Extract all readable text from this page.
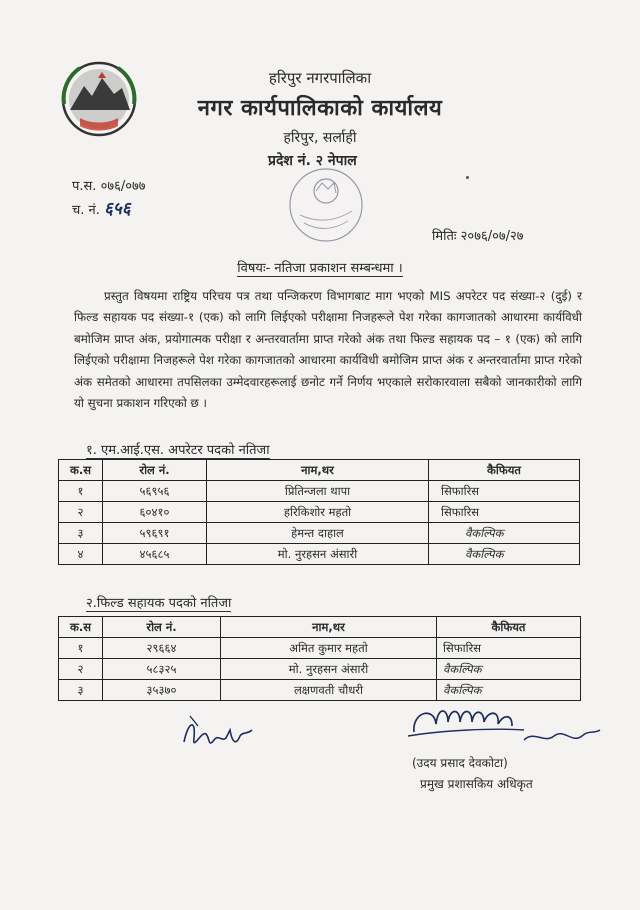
हरिपुर नगरपालिका
नगर कार्यपालिकाको कार्यालय
हरिपुर, सर्लाही
प्रदेश नं. २ नेपाल
प.स. ०७६/०७७
च. नं. ६५६
मितिः २०७६/०७/२७
विषयः- नतिजा प्रकाशन सम्बन्धमा ।
प्रस्तुत विषयमा राष्ट्रिय परिचय पत्र तथा पन्जिकरण विभागबाट माग भएको MIS अपरेटर पद संख्या-२ (दुई) र फिल्ड सहायक पद संख्या-१ (एक) को लागि लिईएको परीक्षामा निजहरूले पेश गरेका कागजातको आधारमा कार्यविधी बमोजिम प्राप्त अंक, प्रयोगात्मक परीक्षा र अन्तरवार्तामा प्राप्त गरेको अंक तथा फिल्ड सहायक पद – १ (एक) को लागि लिईएको परीक्षामा निजहरूले पेश गरेका कागजातको आधारमा कार्यविधी बमोजिम प्राप्त अंक र अन्तरवार्तामा प्राप्त गरेको अंक समेतको आधारमा तपसिलका उम्मेदवारहरूलाई छनोट गर्ने निर्णय भएकाले सरोकारवाला सबैको जानकारीको लागि यो सुचना प्रकाशन गरिएको छ ।
१. एम.आई.एस. अपरेटर पदको नतिजा
क.स	रोल नं.	नाम,थर	कैफियत
१	५६९५६	प्रितिन्जला थापा	सिफारिस
२	६०४१०	हरिकिशोर महतो	सिफारिस
३	५९६९१	हेमन्त दाहाल	वैकल्पिक
४	४५६८५	मो. नुरहसन अंसारी	वैकल्पिक
२.फिल्ड सहायक पदको नतिजा
क.स	रोल नं.	नाम,थर	कैफियत
१	२९६६४	अमित कुमार महतो	सिफारिस
२	५८३२५	मो. नुरहसन अंसारी	वैकल्पिक
३	३५३७०	लक्षणवती चौधरी	वैकल्पिक
(उदय प्रसाद देवकोटा)
प्रमुख प्रशासकिय अधिकृत
